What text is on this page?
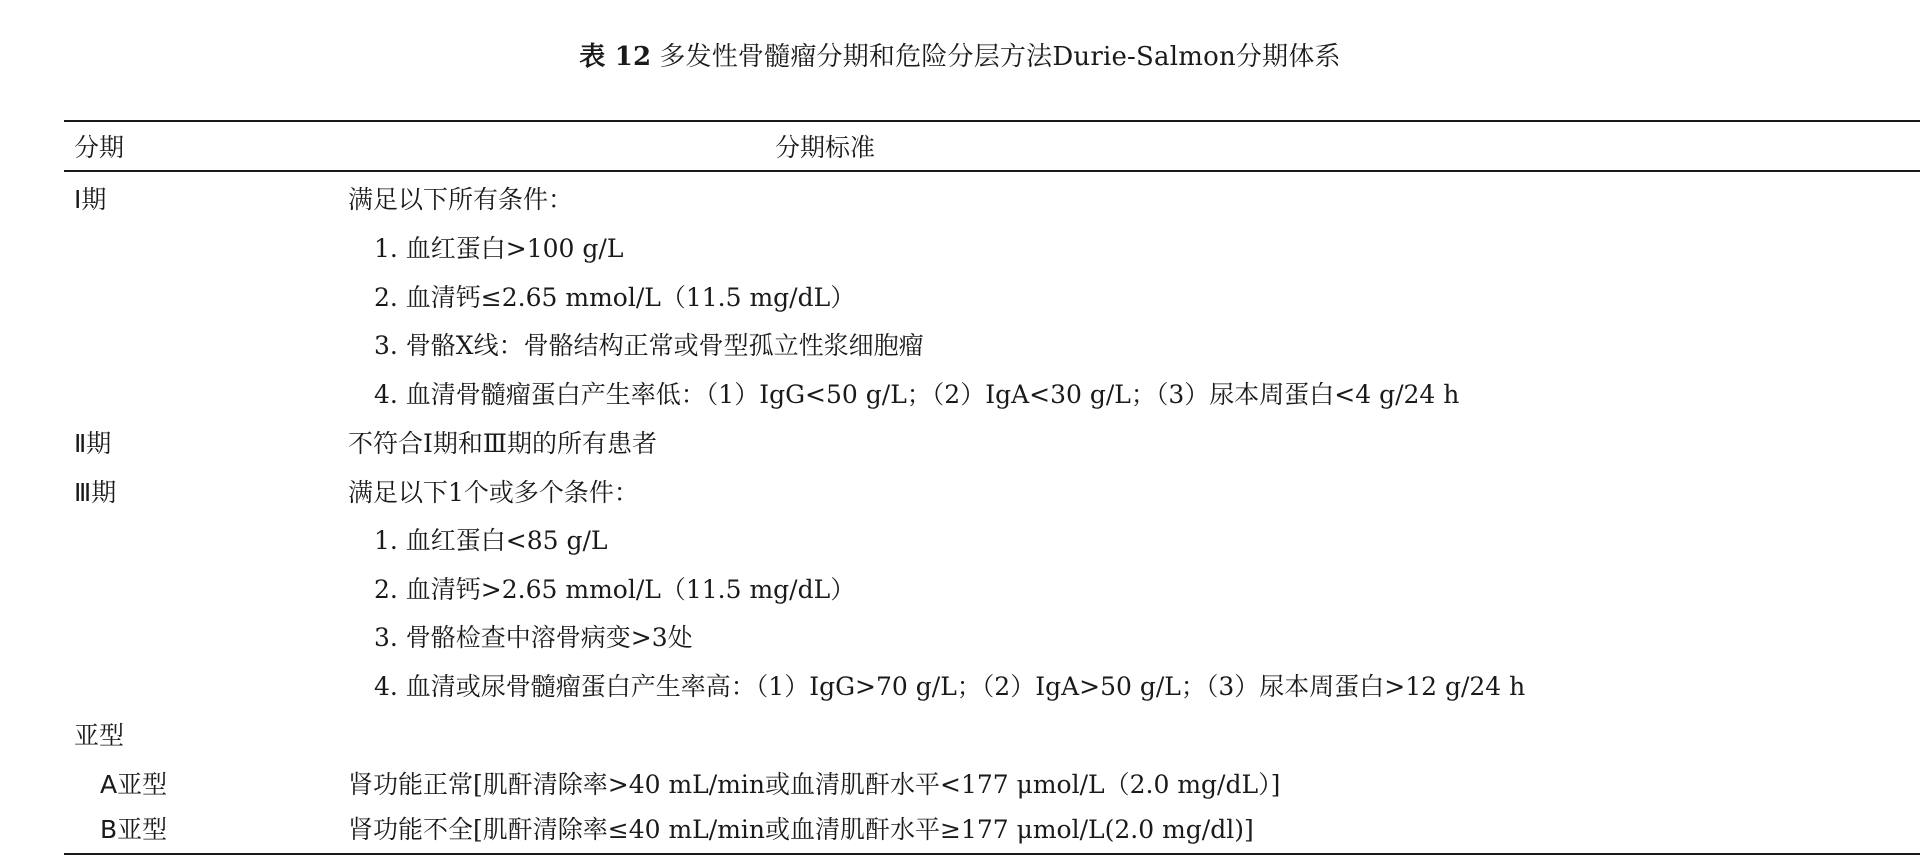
表 12 多发性骨髓瘤分期和危险分层方法Durie-Salmon分期体系
分期	分期标准
Ⅰ期	满足以下所有条件：
1. 血红蛋白>100 g/L
2. 血清钙≤2.65 mmol/L（11.5 mg/dL）
3. 骨骼X线：骨骼结构正常或骨型孤立性浆细胞瘤
4. 血清骨髓瘤蛋白产生率低：（1）IgG<50 g/L；（2）IgA<30 g/L；（3）尿本周蛋白<4 g/24 h
Ⅱ期	不符合Ⅰ期和Ⅲ期的所有患者
Ⅲ期	满足以下1个或多个条件：
1. 血红蛋白<85 g/L
2. 血清钙>2.65 mmol/L（11.5 mg/dL）
3. 骨骼检查中溶骨病变>3处
4. 血清或尿骨髓瘤蛋白产生率高：（1）IgG>70 g/L；（2）IgA>50 g/L；（3）尿本周蛋白>12 g/24 h
亚型
A亚型	肾功能正常[肌酐清除率>40 mL/min或血清肌酐水平<177 μmol/L（2.0 mg/dL）]
B亚型	肾功能不全[肌酐清除率≤40 mL/min或血清肌酐水平≥177 μmol/L(2.0 mg/dl)]
